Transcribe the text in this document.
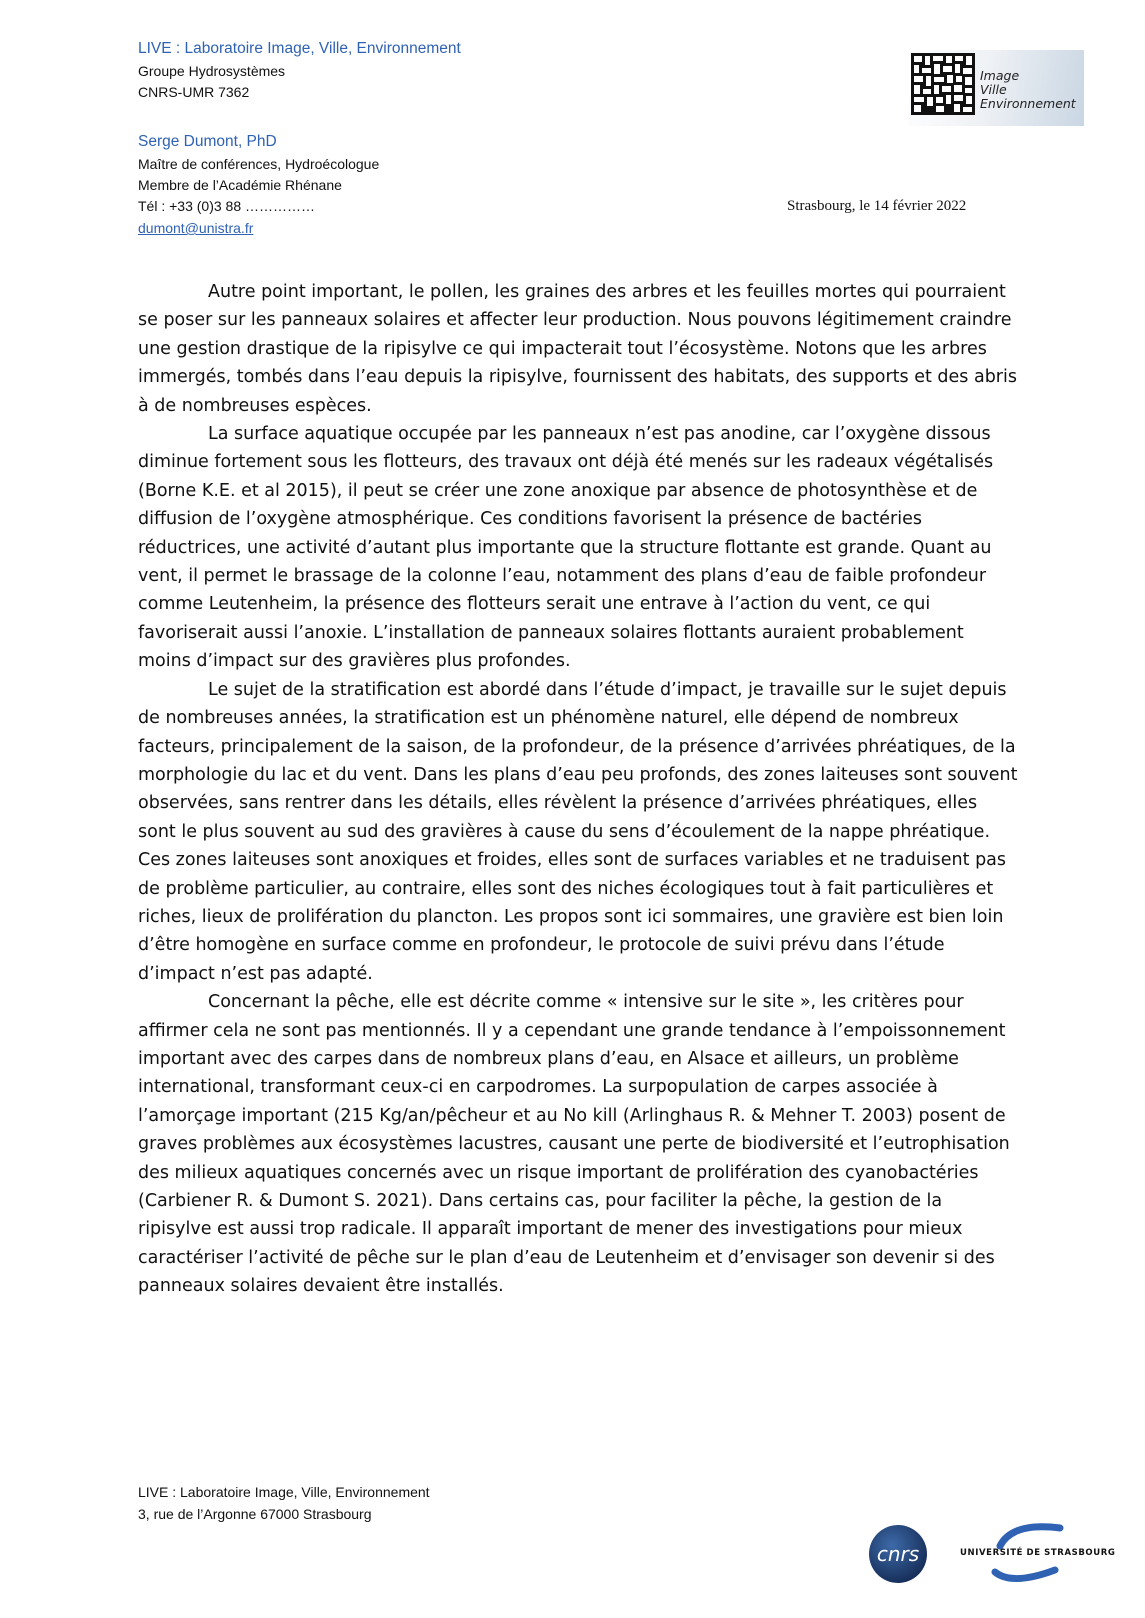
LIVE : Laboratoire Image, Ville, Environnement
Groupe Hydrosystèmes
CNRS-UMR 7362
Serge Dumont, PhD
Maître de conférences, Hydroécologue
Membre de l’Académie Rhénane
Tél : +33 (0)3 88 ……………
dumont@unistra.fr
Strasbourg, le 14 février 2022
Image
Ville
Environnement

Autre point important, le pollen, les graines des arbres et les feuilles mortes qui pourraient se poser sur les panneaux solaires et affecter leur production. Nous pouvons légitimement craindre une gestion drastique de la ripisylve ce qui impacterait tout l’écosystème. Notons que les arbres immergés, tombés dans l’eau depuis la ripisylve, fournissent des habitats, des supports et des abris à de nombreuses espèces.

La surface aquatique occupée par les panneaux n’est pas anodine, car l’oxygène dissous diminue fortement sous les flotteurs, des travaux ont déjà été menés sur les radeaux végétalisés (Borne K.E. et al 2015), il peut se créer une zone anoxique par absence de photosynthèse et de diffusion de l’oxygène atmosphérique. Ces conditions favorisent la présence de bactéries réductrices, une activité d’autant plus importante que la structure flottante est grande. Quant au vent, il permet le brassage de la colonne l’eau, notamment des plans d’eau de faible profondeur comme Leutenheim, la présence des flotteurs serait une entrave à l’action du vent, ce qui favoriserait aussi l’anoxie. L’installation de panneaux solaires flottants auraient probablement moins d’impact sur des gravières plus profondes.

Le sujet de la stratification est abordé dans l’étude d’impact, je travaille sur le sujet depuis de nombreuses années, la stratification est un phénomène naturel, elle dépend de nombreux facteurs, principalement de la saison, de la profondeur, de la présence d’arrivées phréatiques, de la morphologie du lac et du vent. Dans les plans d’eau peu profonds, des zones laiteuses sont souvent observées, sans rentrer dans les détails, elles révèlent la présence d’arrivées phréatiques, elles sont le plus souvent au sud des gravières à cause du sens d’écoulement de la nappe phréatique. Ces zones laiteuses sont anoxiques et froides, elles sont de surfaces variables et ne traduisent pas de problème particulier, au contraire, elles sont des niches écologiques tout à fait particulières et riches, lieux de prolifération du plancton. Les propos sont ici sommaires, une gravière est bien loin d’être homogène en surface comme en profondeur, le protocole de suivi prévu dans l’étude d’impact n’est pas adapté.

Concernant la pêche, elle est décrite comme « intensive sur le site », les critères pour affirmer cela ne sont pas mentionnés. Il y a cependant une grande tendance à l’empoissonnement important avec des carpes dans de nombreux plans d’eau, en Alsace et ailleurs, un problème international, transformant ceux-ci en carpodromes. La surpopulation de carpes associée à l’amorçage important (215 Kg/an/pêcheur et au No kill (Arlinghaus R. & Mehner T. 2003) posent de graves problèmes aux écosystèmes lacustres, causant une perte de biodiversité et l’eutrophisation des milieux aquatiques concernés avec un risque important de prolifération des cyanobactéries (Carbiener R. & Dumont S. 2021). Dans certains cas, pour faciliter la pêche, la gestion de la ripisylve est aussi trop radicale. Il apparaît important de mener des investigations pour mieux caractériser l’activité de pêche sur le plan d’eau de Leutenheim et d’envisager son devenir si des panneaux solaires devaient être installés.

LIVE : Laboratoire Image, Ville, Environnement
3, rue de l’Argonne 67000 Strasbourg
cnrs	UNIVERSITÉ DE STRASBOURG
